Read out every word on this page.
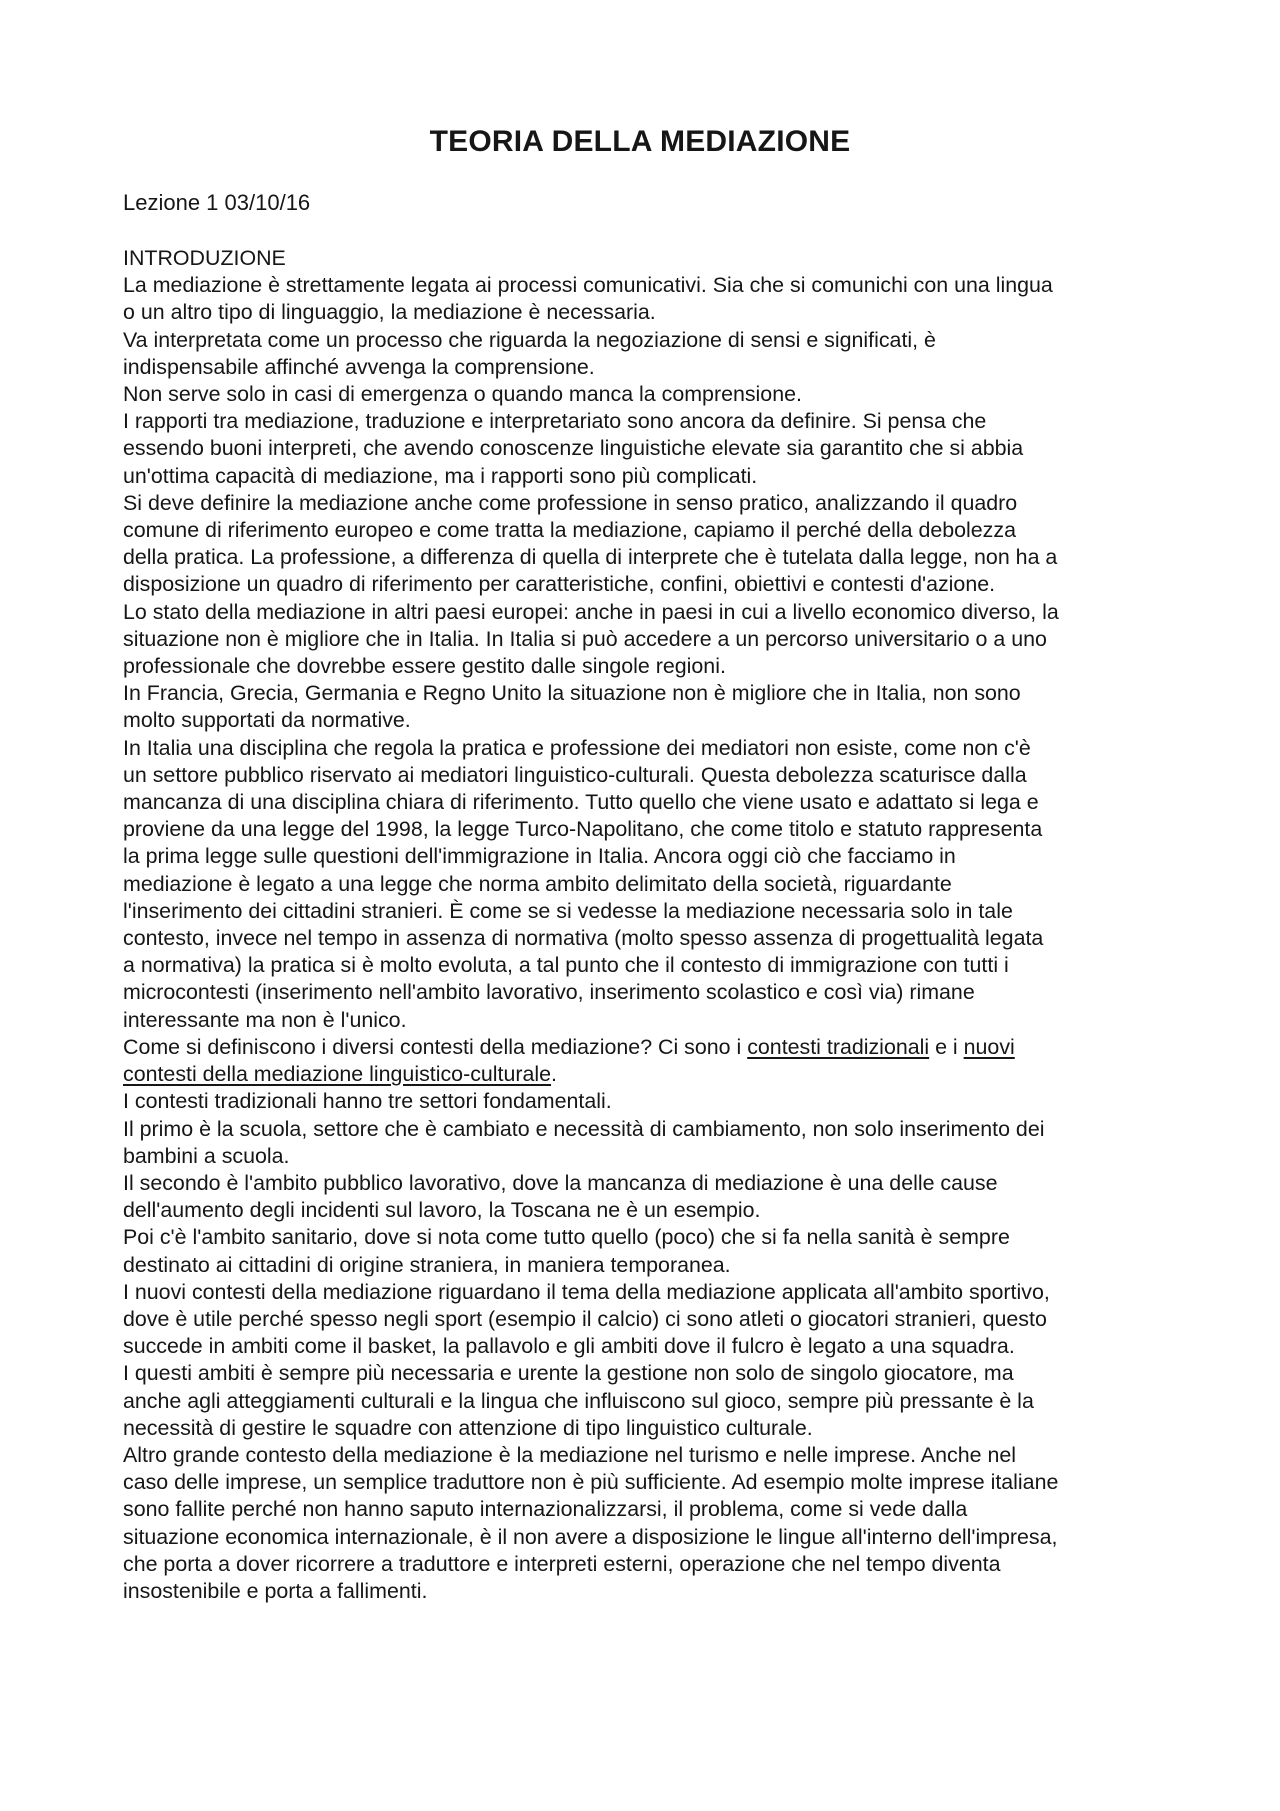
TEORIA DELLA MEDIAZIONE

Lezione 1 03/10/16

INTRODUZIONE
La mediazione è strettamente legata ai processi comunicativi. Sia che si comunichi con una lingua
o un altro tipo di linguaggio, la mediazione è necessaria.
Va interpretata come un processo che riguarda la negoziazione di sensi e significati, è
indispensabile affinché avvenga la comprensione.
Non serve solo in casi di emergenza o quando manca la comprensione.
I rapporti tra mediazione, traduzione e interpretariato sono ancora da definire. Si pensa che
essendo buoni interpreti, che avendo conoscenze linguistiche elevate sia garantito che si abbia
un'ottima capacità di mediazione, ma i rapporti sono più complicati.
Si deve definire la mediazione anche come professione in senso pratico, analizzando il quadro
comune di riferimento europeo e come tratta la mediazione, capiamo il perché della debolezza
della pratica. La professione, a differenza di quella di interprete che è tutelata dalla legge, non ha a
disposizione un quadro di riferimento per caratteristiche, confini, obiettivi e contesti d'azione.
Lo stato della mediazione in altri paesi europei: anche in paesi in cui a livello economico diverso, la
situazione non è migliore che in Italia. In Italia si può accedere a un percorso universitario o a uno
professionale che dovrebbe essere gestito dalle singole regioni.
In Francia, Grecia, Germania e Regno Unito la situazione non è migliore che in Italia, non sono
molto supportati da normative.
In Italia una disciplina che regola la pratica e professione dei mediatori non esiste, come non c'è
un settore pubblico riservato ai mediatori linguistico-culturali. Questa debolezza scaturisce dalla
mancanza di una disciplina chiara di riferimento. Tutto quello che viene usato e adattato si lega e
proviene da una legge del 1998, la legge Turco-Napolitano, che come titolo e statuto rappresenta
la prima legge sulle questioni dell'immigrazione in Italia. Ancora oggi ciò che facciamo in
mediazione è legato a una legge che norma ambito delimitato della società, riguardante
l'inserimento dei cittadini stranieri. È come se si vedesse la mediazione necessaria solo in tale
contesto, invece nel tempo in assenza di normativa (molto spesso assenza di progettualità legata
a normativa) la pratica si è molto evoluta, a tal punto che il contesto di immigrazione con tutti i
microcontesti (inserimento nell'ambito lavorativo, inserimento scolastico e così via) rimane
interessante ma non è l'unico.
Come si definiscono i diversi contesti della mediazione? Ci sono i contesti tradizionali e i nuovi
contesti della mediazione linguistico-culturale.
I contesti tradizionali hanno tre settori fondamentali.
Il primo è la scuola, settore che è cambiato e necessità di cambiamento, non solo inserimento dei
bambini a scuola.
Il secondo è l'ambito pubblico lavorativo, dove la mancanza di mediazione è una delle cause
dell'aumento degli incidenti sul lavoro, la Toscana ne è un esempio.
Poi c'è l'ambito sanitario, dove si nota come tutto quello (poco) che si fa nella sanità è sempre
destinato ai cittadini di origine straniera, in maniera temporanea.
I nuovi contesti della mediazione riguardano il tema della mediazione applicata all'ambito sportivo,
dove è utile perché spesso negli sport (esempio il calcio) ci sono atleti o giocatori stranieri, questo
succede in ambiti come il basket, la pallavolo e gli ambiti dove il fulcro è legato a una squadra.
I questi ambiti è sempre più necessaria e urente la gestione non solo de singolo giocatore, ma
anche agli atteggiamenti culturali e la lingua che influiscono sul gioco, sempre più pressante è la
necessità di gestire le squadre con attenzione di tipo linguistico culturale.
Altro grande contesto della mediazione è la mediazione nel turismo e nelle imprese. Anche nel
caso delle imprese, un semplice traduttore non è più sufficiente. Ad esempio molte imprese italiane
sono fallite perché non hanno saputo internazionalizzarsi, il problema, come si vede dalla
situazione economica internazionale, è il non avere a disposizione le lingue all'interno dell'impresa,
che porta a dover ricorrere a traduttore e interpreti esterni, operazione che nel tempo diventa
insostenibile e porta a fallimenti.
